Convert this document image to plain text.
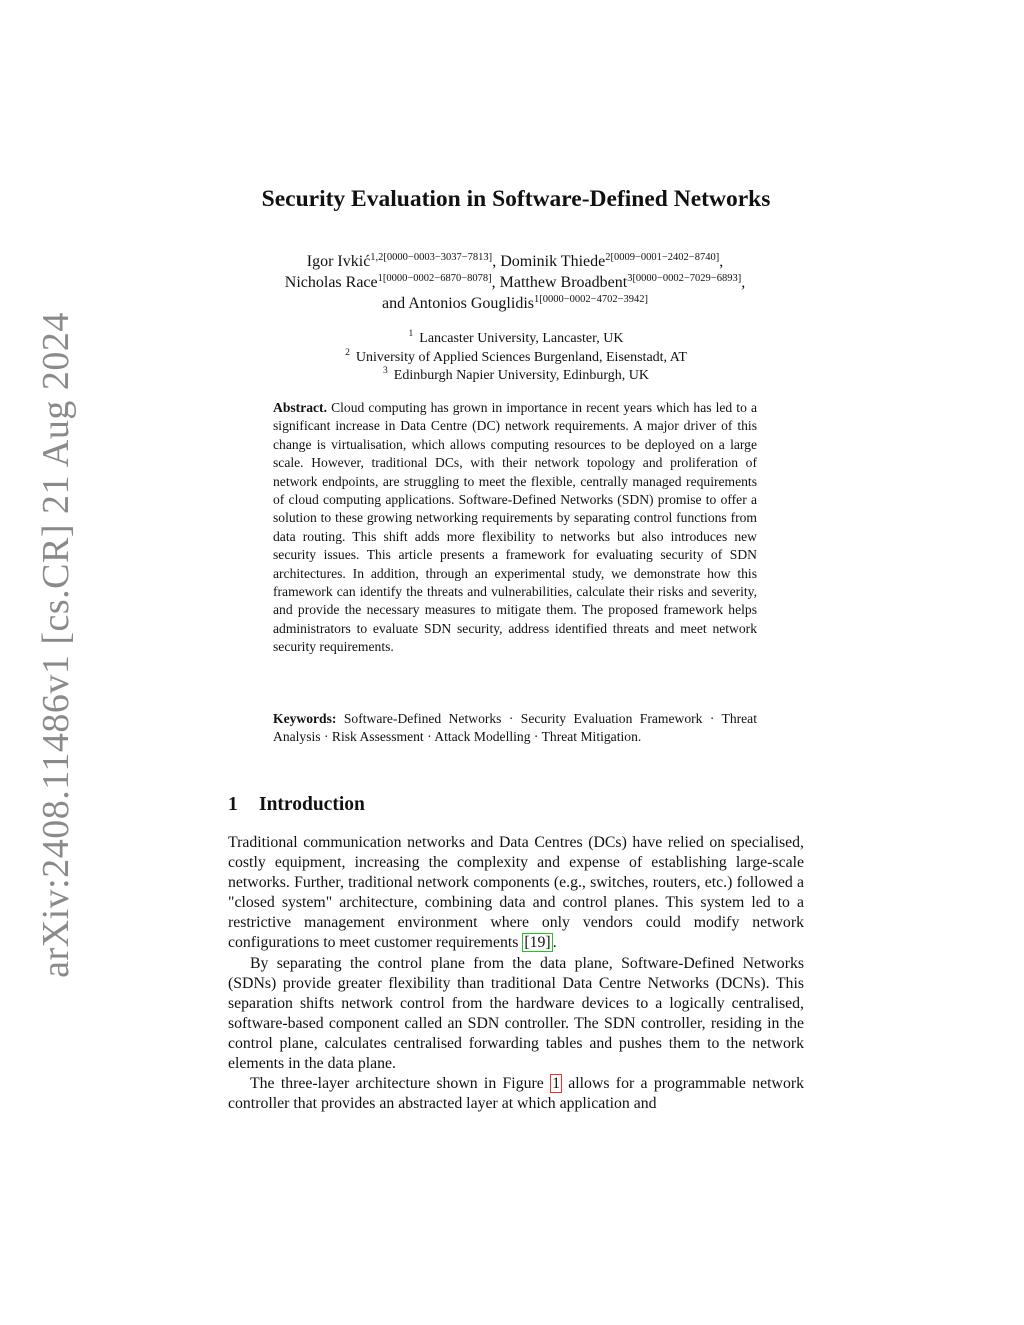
arXiv:2408.11486v1 [cs.CR] 21 Aug 2024
Security Evaluation in Software-Defined Networks
Igor Ivkić$^{1,2[0000-0003-3037-7813]}$, Dominik Thiede$^{2[0009-0001-2402-8740]}$,
Nicholas Race$^{1[0000-0002-6870-8078]}$, Matthew Broadbent$^{3[0000-0002-7029-6893]}$,
and Antonios Gouglidis$^{1[0000-0002-4702-3942]}$
$^1$ Lancaster University, Lancaster, UK
$^2$ University of Applied Sciences Burgenland, Eisenstadt, AT
$^3$ Edinburgh Napier University, Edinburgh, UK

Abstract. Cloud computing has grown in importance in recent years which has led to a significant increase in Data Centre (DC) network requirements. A major driver of this change is virtualisation, which allows computing resources to be deployed on a large scale. However, traditional DCs, with their network topology and proliferation of network endpoints, are struggling to meet the flexible, centrally managed requirements of cloud computing applications. Software-Defined Networks (SDN) promise to offer a solution to these growing networking requirements by separating control functions from data routing. This shift adds more flexibility to networks but also introduces new security issues. This article presents a framework for evaluating security of SDN architectures. In addition, through an experimental study, we demonstrate how this framework can identify the threats and vulnerabilities, calculate their risks and severity, and provide the necessary measures to mitigate them. The proposed framework helps administrators to evaluate SDN security, address identified threats and meet network security requirements.

Keywords: Software-Defined Networks · Security Evaluation Framework · Threat Analysis · Risk Assessment · Attack Modelling · Threat Mitigation.

1 Introduction

Traditional communication networks and Data Centres (DCs) have relied on specialised, costly equipment, increasing the complexity and expense of establishing large-scale networks. Further, traditional network components (e.g., switches, routers, etc.) followed a "closed system" architecture, combining data and control planes. This system led to a restrictive management environment where only vendors could modify network configurations to meet customer requirements [19] .

By separating the control plane from the data plane, Software-Defined Networks (SDNs) provide greater flexibility than traditional Data Centre Networks (DCNs). This separation shifts network control from the hardware devices to a logically centralised, software-based component called an SDN controller. The SDN controller, residing in the control plane, calculates centralised forwarding tables and pushes them to the network elements in the data plane.

The three-layer architecture shown in Figure 1 allows for a programmable network controller that provides an abstracted layer at which application and
